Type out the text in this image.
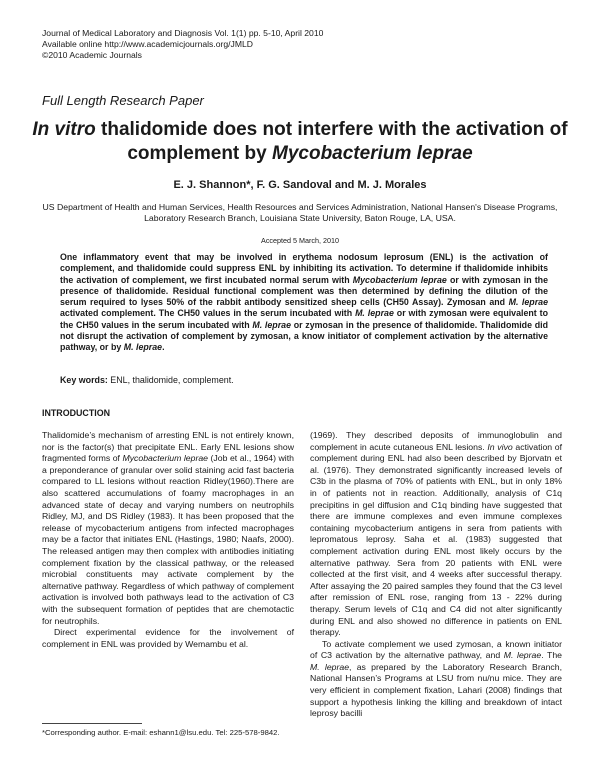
Journal of Medical Laboratory and Diagnosis Vol. 1(1) pp. 5-10, April 2010
Available online http://www.academicjournals.org/JMLD
©2010 Academic Journals
Full Length Research Paper
In vitro thalidomide does not interfere with the activation of complement by Mycobacterium leprae
E. J. Shannon*, F. G. Sandoval and M. J. Morales
US Department of Health and Human Services, Health Resources and Services Administration, National Hansen's Disease Programs, Laboratory Research Branch, Louisiana State University, Baton Rouge, LA, USA.
Accepted 5 March, 2010
One inflammatory event that may be involved in erythema nodosum leprosum (ENL) is the activation of complement, and thalidomide could suppress ENL by inhibiting its activation. To determine if thalidomide inhibits the activation of complement, we first incubated normal serum with Mycobacterium leprae or with zymosan in the presence of thalidomide. Residual functional complement was then determined by defining the dilution of the serum required to lyses 50% of the rabbit antibody sensitized sheep cells (CH50 Assay). Zymosan and M. leprae activated complement. The CH50 values in the serum incubated with M. leprae or with zymosan were equivalent to the CH50 values in the serum incubated with M. leprae or zymosan in the presence of thalidomide. Thalidomide did not disrupt the activation of complement by zymosan, a know initiator of complement activation by the alternative pathway, or by M. leprae.
Key words: ENL, thalidomide, complement.
INTRODUCTION

Thalidomide’s mechanism of arresting ENL is not entirely known, nor is the factor(s) that precipitate ENL. Early ENL lesions show fragmented forms of Mycobacterium leprae (Job et al., 1964) with a preponderance of granular over solid staining acid fast bacteria compared to LL lesions without reaction Ridley(1960).There are also scattered accumulations of foamy macrophages in an advanced state of decay and varying numbers on neutrophils Ridley, MJ, and DS Ridley (1983). It has been proposed that the release of mycobacterium antigens from infected macrophages may be a factor that initiates ENL (Hastings, 1980; Naafs, 2000). The released antigen may then complex with antibodies initiating complement fixation by the classical pathway, or the released microbial constituents may activate complement by the alternative pathway. Regardless of which pathway of complement activation is involved both pathways lead to the activation of C3 with the subsequent formation of peptides that are chemotactic for neutrophils.

Direct experimental evidence for the involvement of complement in ENL was provided by Wemambu et al.

(1969). They described deposits of immunoglobulin and complement in acute cutaneous ENL lesions. In vivo activation of complement during ENL had also been described by Bjorvatn et al. (1976). They demonstrated significantly increased levels of C3b in the plasma of 70% of patients with ENL, but in only 18% in of patients not in reaction. Additionally, analysis of C1q precipitins in gel diffusion and C1q binding have suggested that there are immune complexes and even immune complexes containing mycobacterium antigens in sera from patients with lepromatous leprosy. Saha et al. (1983) suggested that complement activation during ENL most likely occurs by the alternative pathway. Sera from 20 patients with ENL were collected at the first visit, and 4 weeks after successful therapy. After assaying the 20 paired samples they found that the C3 level after remission of ENL rose, ranging from 13 - 22% during therapy. Serum levels of C1q and C4 did not alter significantly during ENL and also showed no difference in patients on ENL therapy.

To activate complement we used zymosan, a known initiator of C3 activation by the alternative pathway, and M. leprae. The M. leprae, as prepared by the Laboratory Research Branch, National Hansen’s Programs at LSU from nu/nu mice. They are very efficient in complement fixation, Lahari (2008) findings that support a hypothesis linking the killing and breakdown of intact leprosy bacilli

*Corresponding author. E-mail: eshann1@lsu.edu. Tel: 225-578-9842.
